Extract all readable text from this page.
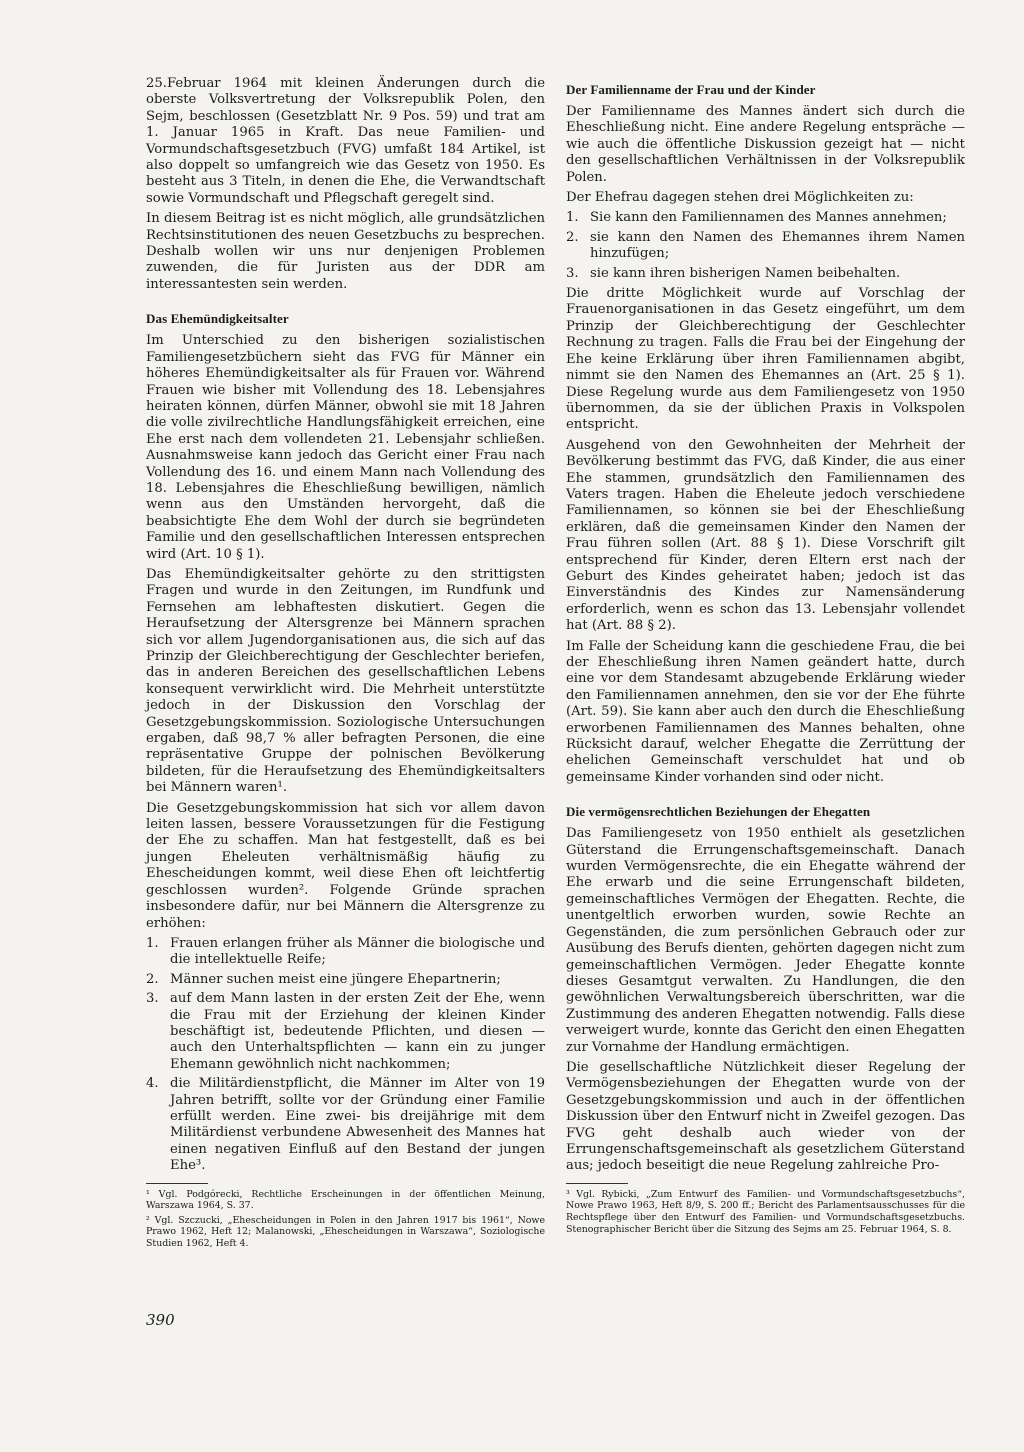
25.Februar 1964 mit kleinen Änderungen durch die oberste Volksvertretung der Volksrepublik Polen, den Sejm, beschlossen (Gesetzblatt Nr. 9 Pos. 59) und trat am 1. Januar 1965 in Kraft. Das neue Familien- und Vormundschaftsgesetzbuch (FVG) umfaßt 184 Artikel, ist also doppelt so umfangreich wie das Gesetz von 1950. Es besteht aus 3 Titeln, in denen die Ehe, die Verwandtschaft sowie Vormundschaft und Pflegschaft geregelt sind.

In diesem Beitrag ist es nicht möglich, alle grundsätzlichen Rechtsinstitutionen des neuen Gesetzbuchs zu besprechen. Deshalb wollen wir uns nur denjenigen Problemen zuwenden, die für Juristen aus der DDR am interessantesten sein werden.

Das Ehemündigkeitsalter

Im Unterschied zu den bisherigen sozialistischen Familiengesetzbüchern sieht das FVG für Männer ein höheres Ehemündigkeitsalter als für Frauen vor. Während Frauen wie bisher mit Vollendung des 18. Lebensjahres heiraten können, dürfen Männer, obwohl sie mit 18 Jahren die volle zivilrechtliche Handlungsfähigkeit erreichen, eine Ehe erst nach dem vollendeten 21. Lebensjahr schließen. Ausnahmsweise kann jedoch das Gericht einer Frau nach Vollendung des 16. und einem Mann nach Vollendung des 18. Lebensjahres die Eheschließung bewilligen, nämlich wenn aus den Umständen hervorgeht, daß die beabsichtigte Ehe dem Wohl der durch sie begründeten Familie und den gesellschaftlichen Interessen entsprechen wird (Art. 10 § 1).

Das Ehemündigkeitsalter gehörte zu den strittigsten Fragen und wurde in den Zeitungen, im Rundfunk und Fernsehen am lebhaftesten diskutiert. Gegen die Heraufsetzung der Altersgrenze bei Männern sprachen sich vor allem Jugendorganisationen aus, die sich auf das Prinzip der Gleichberechtigung der Geschlechter beriefen, das in anderen Bereichen des gesellschaftlichen Lebens konsequent verwirklicht wird. Die Mehrheit unterstützte jedoch in der Diskussion den Vorschlag der Gesetzgebungskommission. Soziologische Untersuchungen ergaben, daß 98,7 % aller befragten Personen, die eine repräsentative Gruppe der polnischen Bevölkerung bildeten, für die Heraufsetzung des Ehemündigkeitsalters bei Männern waren¹.

Die Gesetzgebungskommission hat sich vor allem davon leiten lassen, bessere Voraussetzungen für die Festigung der Ehe zu schaffen. Man hat festgestellt, daß es bei jungen Eheleuten verhältnismäßig häufig zu Ehescheidungen kommt, weil diese Ehen oft leichtfertig geschlossen wurden². Folgende Gründe sprachen insbesondere dafür, nur bei Männern die Altersgrenze zu erhöhen:

1. Frauen erlangen früher als Männer die biologische und die intellektuelle Reife;
2. Männer suchen meist eine jüngere Ehepartnerin;
3. auf dem Mann lasten in der ersten Zeit der Ehe, wenn die Frau mit der Erziehung der kleinen Kinder beschäftigt ist, bedeutende Pflichten, und diesen — auch den Unterhaltspflichten — kann ein zu junger Ehemann gewöhnlich nicht nachkommen;
4. die Militärdienstpflicht, die Männer im Alter von 19 Jahren betrifft, sollte vor der Gründung einer Familie erfüllt werden. Eine zwei- bis dreijährige mit dem Militärdienst verbundene Abwesenheit des Mannes hat einen negativen Einfluß auf den Bestand der jungen Ehe³.

¹ Vgl. Podgórecki, Rechtliche Erscheinungen in der öffentlichen Meinung, Warszawa 1964, S. 37.

² Vgl. Szczucki, „Ehescheidungen in Polen in den Jahren 1917 bis 1961“, Nowe Prawo 1962, Heft 12; Malanowski, „Ehescheidungen in Warszawa“, Soziologische Studien 1962, Heft 4.

Der Familienname der Frau und der Kinder

Der Familienname des Mannes ändert sich durch die Eheschließung nicht. Eine andere Regelung entspräche — wie auch die öffentliche Diskussion gezeigt hat — nicht den gesellschaftlichen Verhältnissen in der Volksrepublik Polen.

Der Ehefrau dagegen stehen drei Möglichkeiten zu:

1. Sie kann den Familiennamen des Mannes annehmen;
2. sie kann den Namen des Ehemannes ihrem Namen hinzufügen;
3. sie kann ihren bisherigen Namen beibehalten.

Die dritte Möglichkeit wurde auf Vorschlag der Frauenorganisationen in das Gesetz eingeführt, um dem Prinzip der Gleichberechtigung der Geschlechter Rechnung zu tragen. Falls die Frau bei der Eingehung der Ehe keine Erklärung über ihren Familiennamen abgibt, nimmt sie den Namen des Ehemannes an (Art. 25 § 1). Diese Regelung wurde aus dem Familiengesetz von 1950 übernommen, da sie der üblichen Praxis in Volkspolen entspricht.

Ausgehend von den Gewohnheiten der Mehrheit der Bevölkerung bestimmt das FVG, daß Kinder, die aus einer Ehe stammen, grundsätzlich den Familiennamen des Vaters tragen. Haben die Eheleute jedoch verschiedene Familiennamen, so können sie bei der Eheschließung erklären, daß die gemeinsamen Kinder den Namen der Frau führen sollen (Art. 88 § 1). Diese Vorschrift gilt entsprechend für Kinder, deren Eltern erst nach der Geburt des Kindes geheiratet haben; jedoch ist das Einverständnis des Kindes zur Namensänderung erforderlich, wenn es schon das 13. Lebensjahr vollendet hat (Art. 88 § 2).

Im Falle der Scheidung kann die geschiedene Frau, die bei der Eheschließung ihren Namen geändert hatte, durch eine vor dem Standesamt abzugebende Erklärung wieder den Familiennamen annehmen, den sie vor der Ehe führte (Art. 59). Sie kann aber auch den durch die Eheschließung erworbenen Familiennamen des Mannes behalten, ohne Rücksicht darauf, welcher Ehegatte die Zerrüttung der ehelichen Gemeinschaft verschuldet hat und ob gemeinsame Kinder vorhanden sind oder nicht.

Die vermögensrechtlichen Beziehungen der Ehegatten

Das Familiengesetz von 1950 enthielt als gesetzlichen Güterstand die Errungenschaftsgemeinschaft. Danach wurden Vermögensrechte, die ein Ehegatte während der Ehe erwarb und die seine Errungenschaft bildeten, gemeinschaftliches Vermögen der Ehegatten. Rechte, die unentgeltlich erworben wurden, sowie Rechte an Gegenständen, die zum persönlichen Gebrauch oder zur Ausübung des Berufs dienten, gehörten dagegen nicht zum gemeinschaftlichen Vermögen. Jeder Ehegatte konnte dieses Gesamtgut verwalten. Zu Handlungen, die den gewöhnlichen Verwaltungsbereich überschritten, war die Zustimmung des anderen Ehegatten notwendig. Falls diese verweigert wurde, konnte das Gericht den einen Ehegatten zur Vornahme der Handlung ermächtigen.

Die gesellschaftliche Nützlichkeit dieser Regelung der Vermögensbeziehungen der Ehegatten wurde von der Gesetzgebungskommission und auch in der öffentlichen Diskussion über den Entwurf nicht in Zweifel gezogen. Das FVG geht deshalb auch wieder von der Errungenschaftsgemeinschaft als gesetzlichem Güterstand aus; jedoch beseitigt die neue Regelung zahlreiche Pro-

³ Vgl. Rybicki, „Zum Entwurf des Familien- und Vormundschaftsgesetzbuchs“, Nowe Prawo 1963, Heft 8/9, S. 200 ff.; Bericht des Parlamentsausschusses für die Rechtspflege über den Entwurf des Familien- und Vormundschaftsgesetzbuchs. Stenographischer Bericht über die Sitzung des Sejms am 25. Februar 1964, S. 8.

390
